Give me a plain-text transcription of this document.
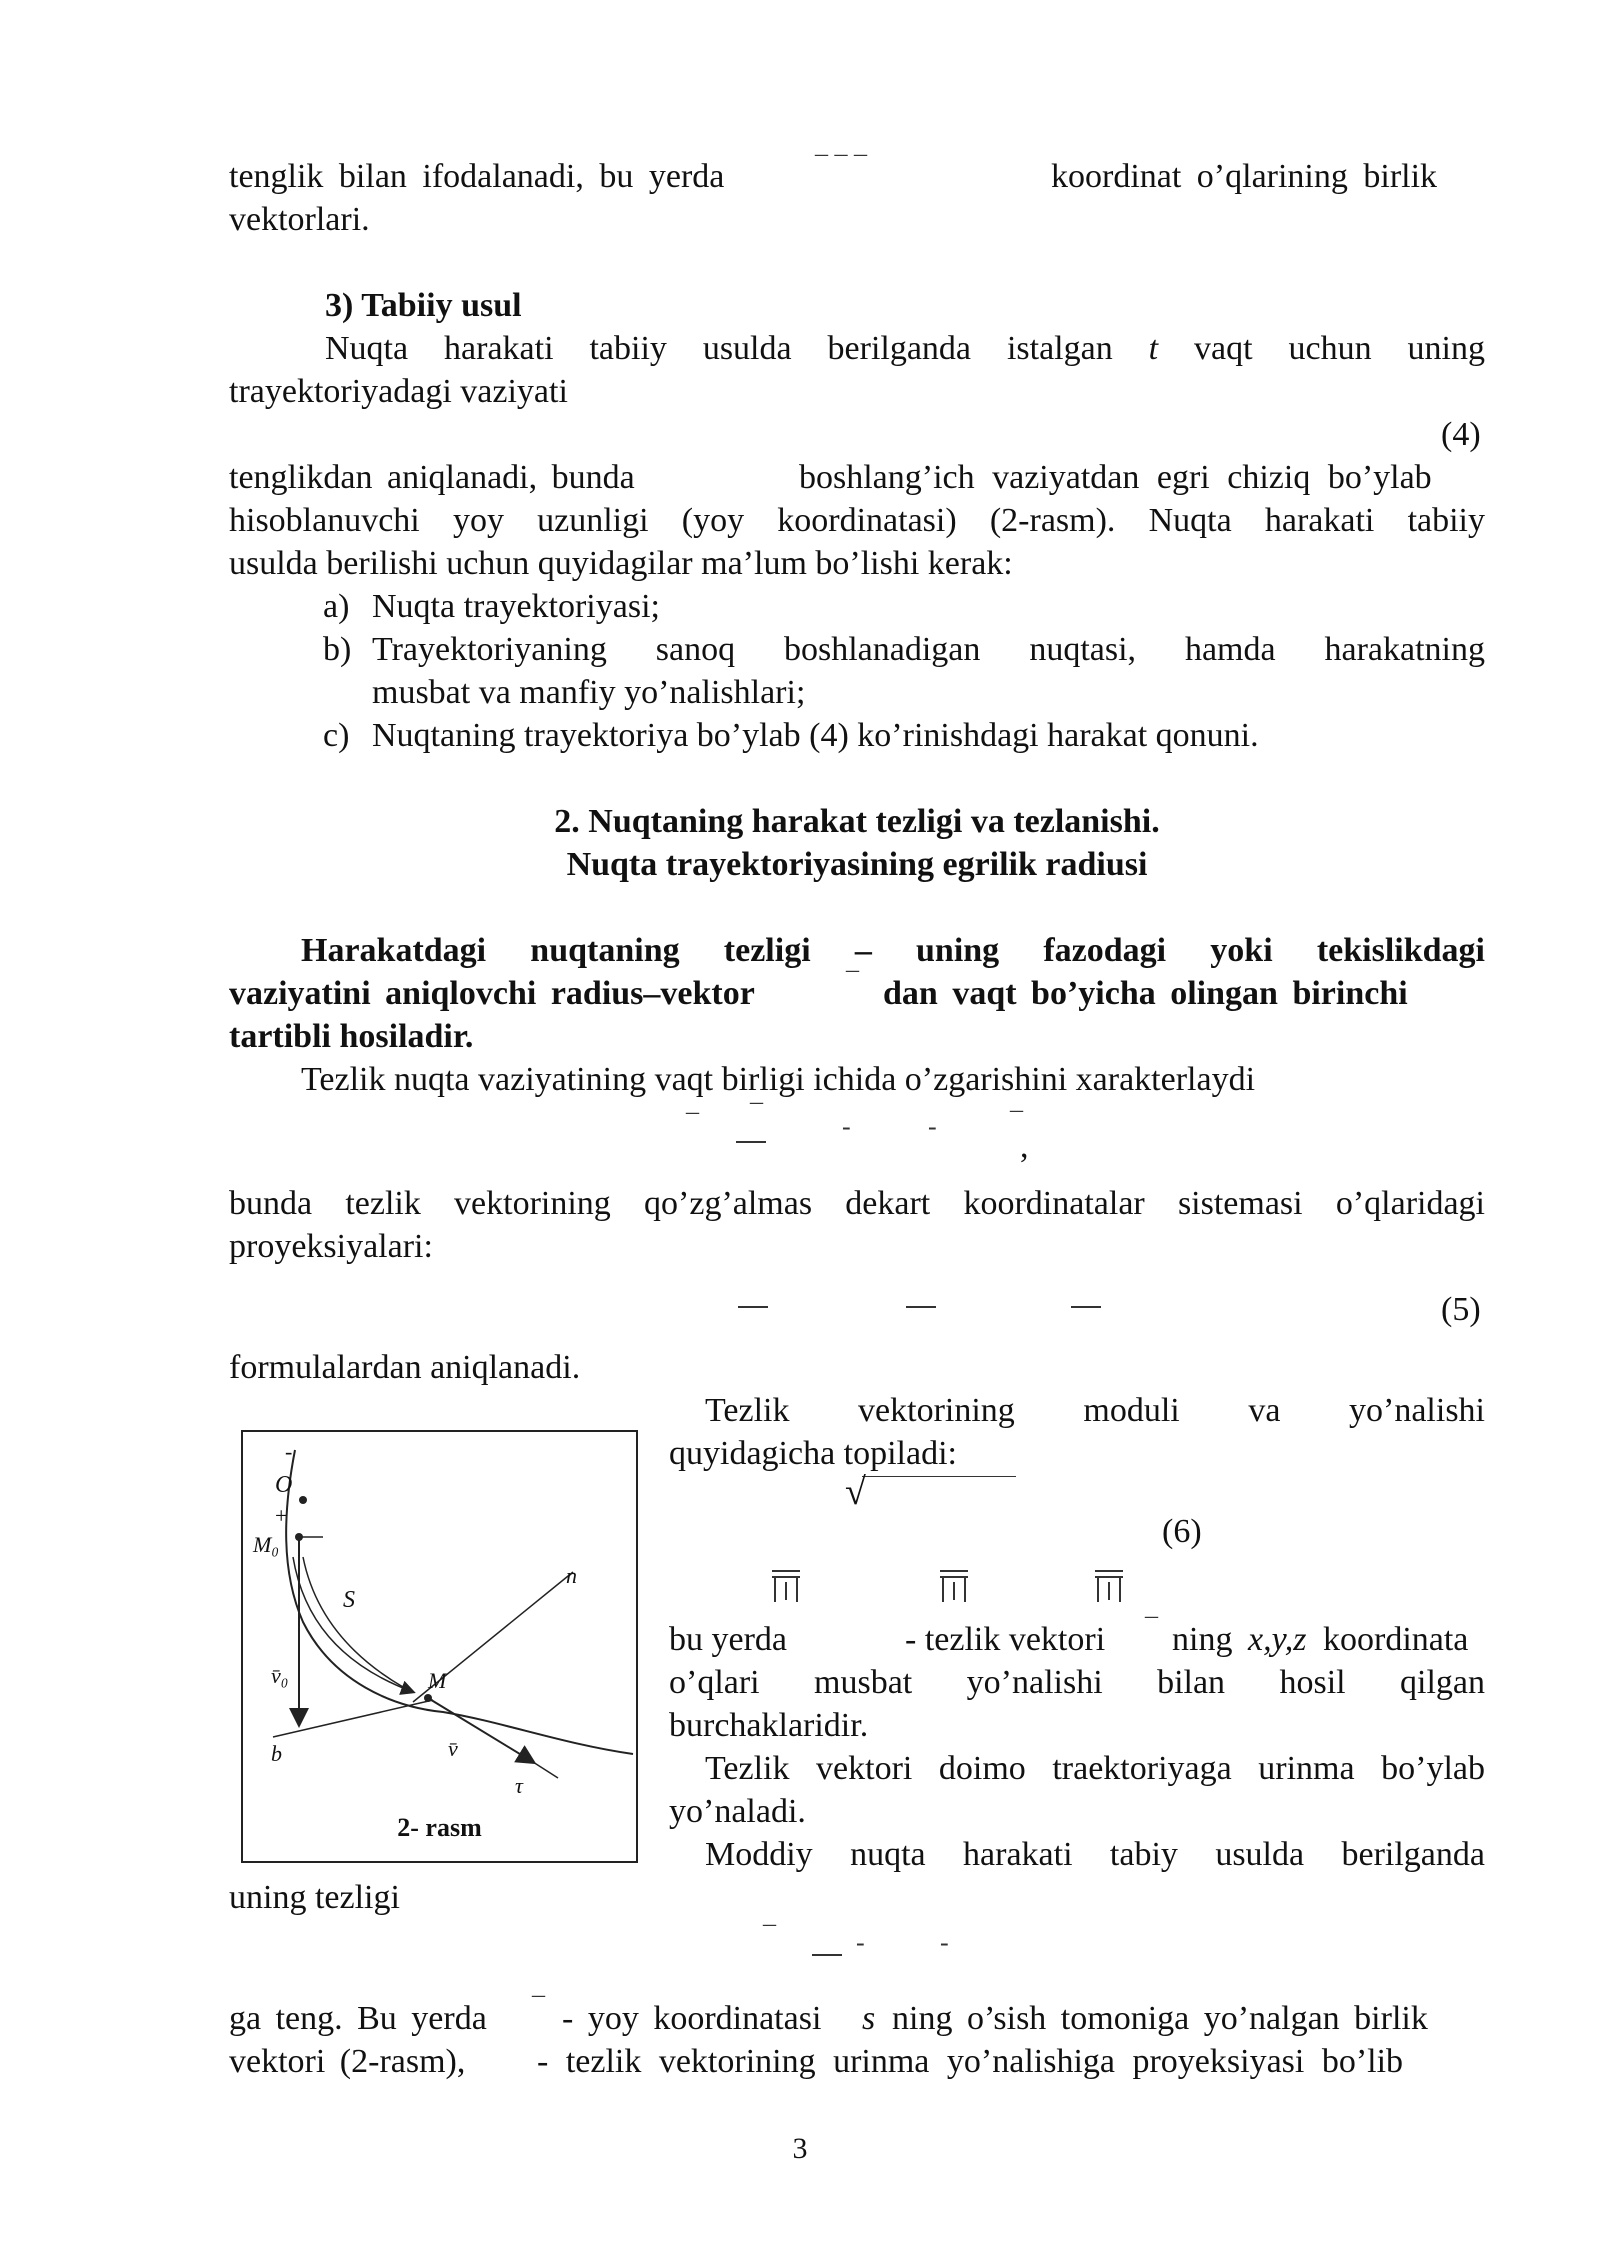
tenglik bilan ifodalanadi, bu yerda	¯ ¯ ¯	koordinat o’qlarining birlik
vektorlari.
3) Tabiiy usul
Nuqta harakati tabiiy usulda berilganda istalgan t vaqt uchun uning
trayektoriyadagi vaziyati
(4)
tenglikdan aniqlanadi, bunda	boshlang’ich vaziyatdan egri chiziq bo’ylab
hisoblanuvchi yoy uzunligi (yoy koordinatasi) (2-rasm). Nuqta harakati tabiiy
usulda berilishi uchun quyidagilar ma’lum bo’lishi kerak:
a) Nuqta trayektoriyasi;
b) Trayektoriyaning sanoq boshlanadigan nuqtasi, hamda harakatning
musbat va manfiy yo’nalishlari;
c) Nuqtaning trayektoriya bo’ylab (4) ko’rinishdagi harakat qonuni.
2. Nuqtaning harakat tezligi va tezlanishi.
Nuqta trayektoriyasining egrilik radiusi
Harakatdagi nuqtaning tezligi – uning fazodagi yoki tekislikdagi
vaziyatini aniqlovchi radius–vektor	¯ dan vaqt bo’yicha olingan birinchi
tartibli hosiladir.
Tezlik nuqta vaziyatining vaqt birligi ichida o’zgarishini xarakterlaydi
¯ ¯	-	-	¯
,
bunda tezlik vektorining qo’zg’almas dekart koordinatalar sistemasi o’qlaridagi
proyeksiyalari:
(5)
formulalardan aniqlanadi.
-
O
+
M₀
S
n
M
v̄₀
b	v̄
τ
2- rasm
Tezlik vektorining moduli va yo’nalishi
quyidagicha topiladi:
√
(6)
bu yerda	- tezlik vektori ¯ ning x,y,z koordinata
o’qlari musbat yo’nalishi bilan hosil qilgan
burchaklaridir.
Tezlik vektori doimo traektoriyaga urinma bo’ylab
yo’naladi.
Moddiy nuqta harakati tabiy usulda berilganda
uning tezligi
¯	-	-
ga teng. Bu yerda ¯ - yoy koordinatasi s ning o’sish tomoniga yo’nalgan birlik
vektori (2-rasm), - tezlik vektorining urinma yo’nalishiga proyeksiyasi bo’lib
3
